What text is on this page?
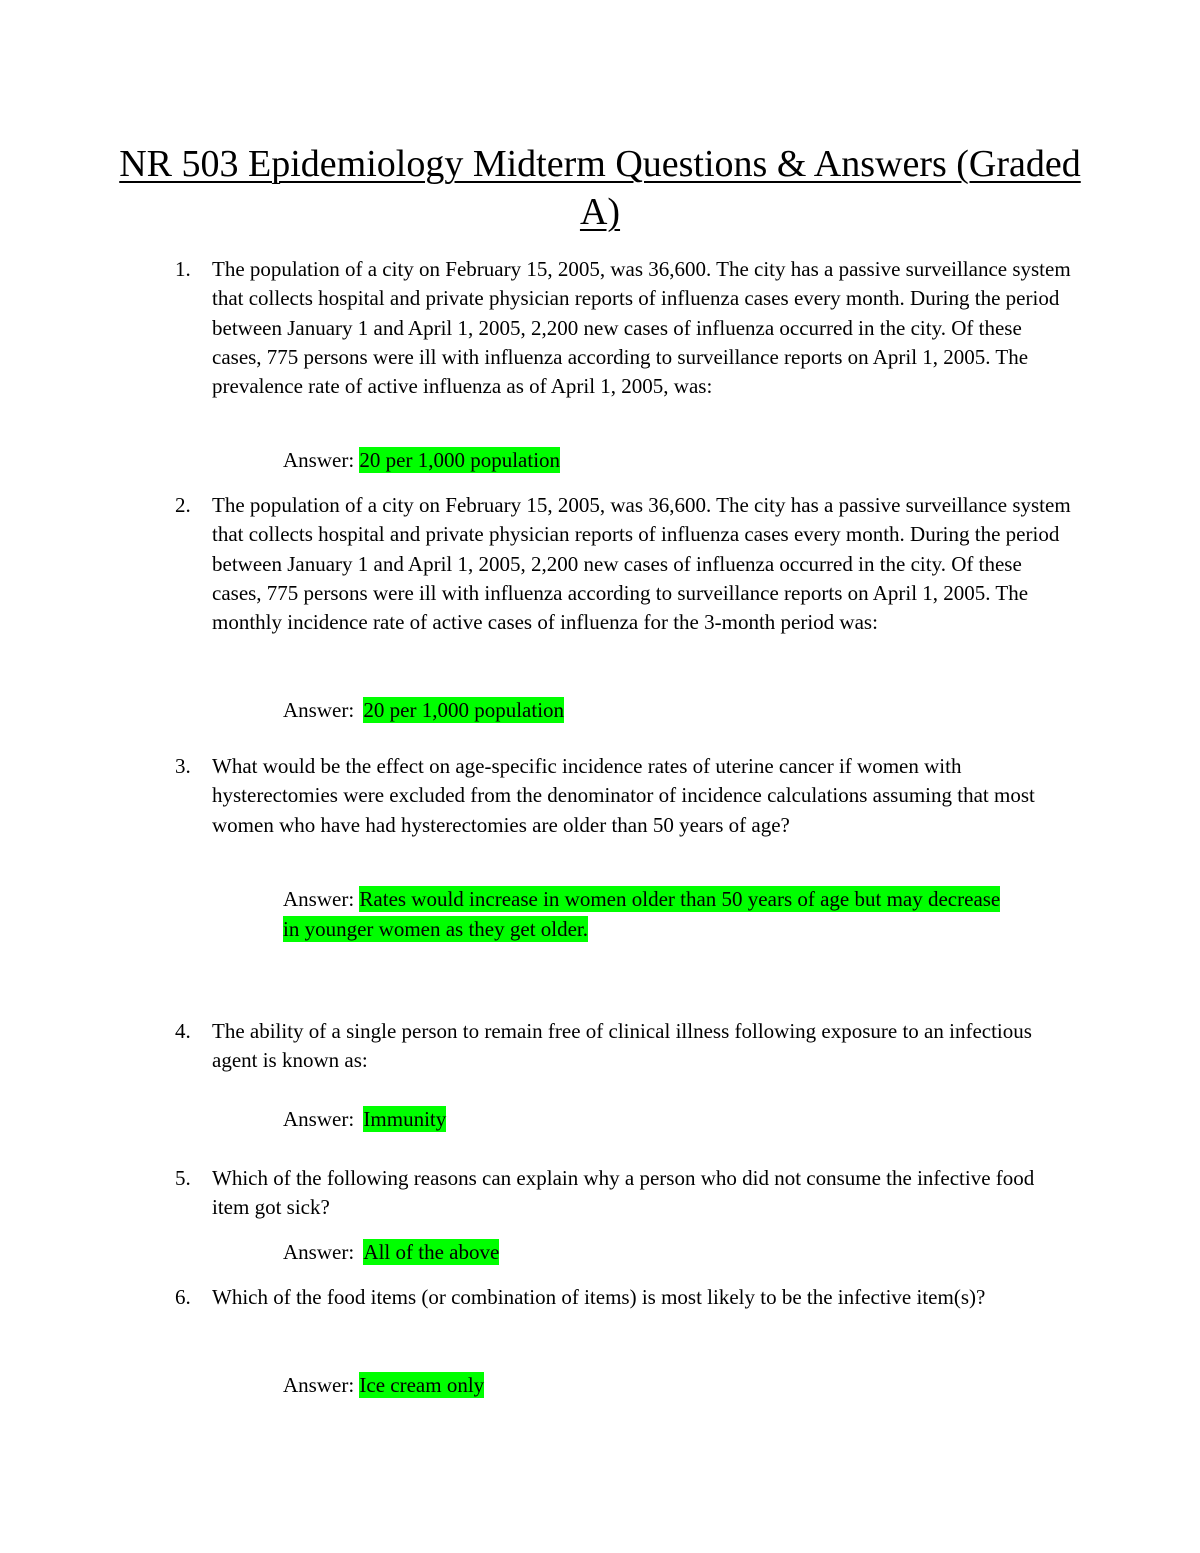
NR 503 Epidemiology Midterm Questions & Answers (Graded A)
1.	The population of a city on February 15, 2005, was 36,600. The city has a passive surveillance system that collects hospital and private physician reports of influenza cases every month. During the period between January 1 and April 1, 2005, 2,200 new cases of influenza occurred in the city. Of these cases, 775 persons were ill with influenza according to surveillance reports on April 1, 2005. The prevalence rate of active influenza as of April 1, 2005, was:
Answer: 20 per 1,000 population
2.	The population of a city on February 15, 2005, was 36,600. The city has a passive surveillance system that collects hospital and private physician reports of influenza cases every month. During the period between January 1 and April 1, 2005, 2,200 new cases of influenza occurred in the city. Of these cases, 775 persons were ill with influenza according to surveillance reports on April 1, 2005. The monthly incidence rate of active cases of influenza for the 3-month period was:
Answer: 20 per 1,000 population
3.	What would be the effect on age-specific incidence rates of uterine cancer if women with hysterectomies were excluded from the denominator of incidence calculations assuming that most women who have had hysterectomies are older than 50 years of age?
Answer: Rates would increase in women older than 50 years of age but may decrease in younger women as they get older.
4.	The ability of a single person to remain free of clinical illness following exposure to an infectious agent is known as:
Answer: Immunity
5.	Which of the following reasons can explain why a person who did not consume the infective food item got sick?
Answer: All of the above
6.	Which of the food items (or combination of items) is most likely to be the infective item(s)?
Answer: Ice cream only
